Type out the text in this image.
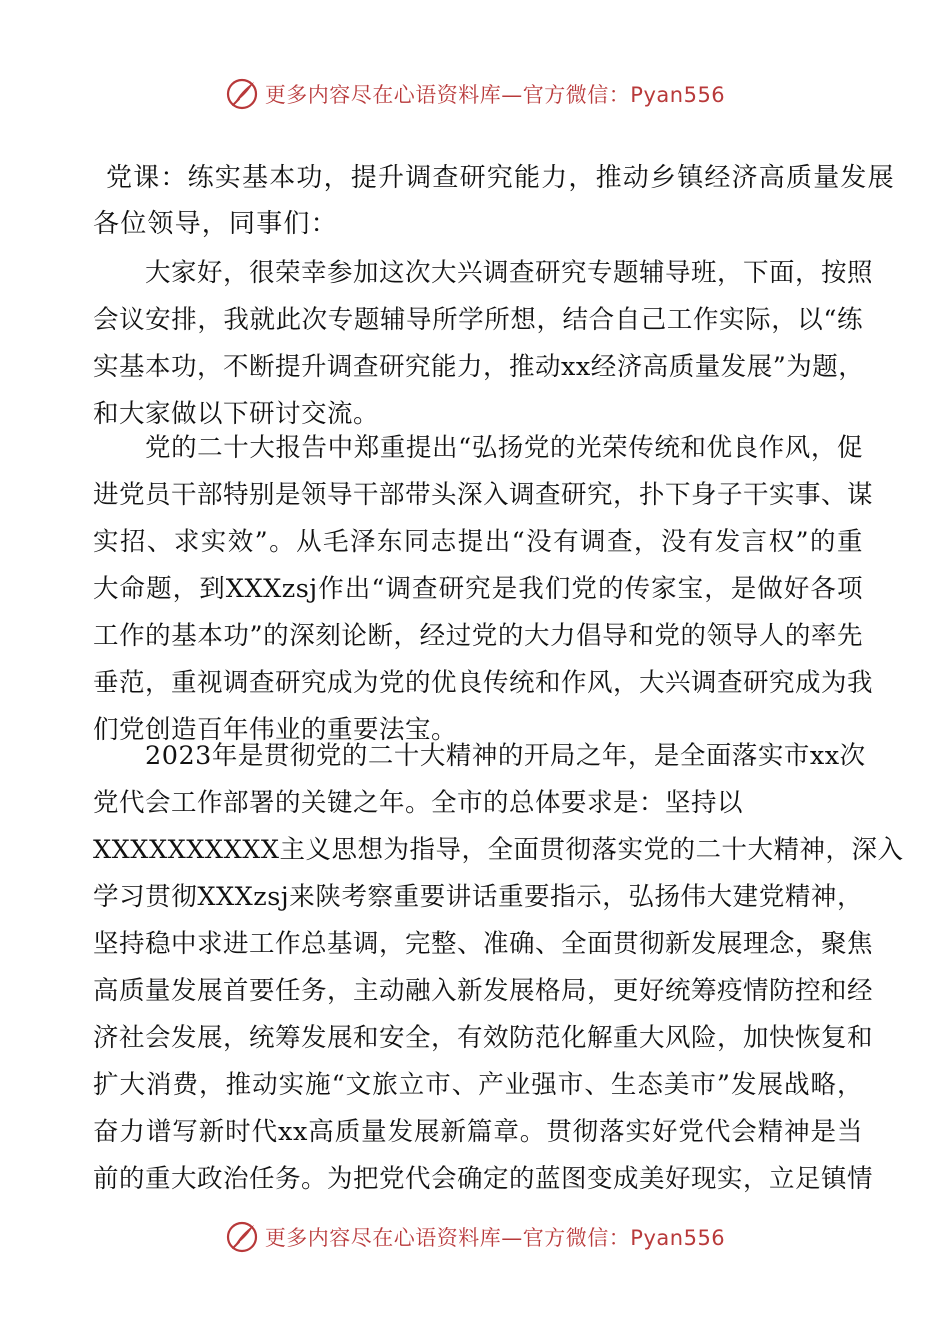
更多内容尽在心语资料库—官方微信：Pyan556
党课：练实基本功，提升调查研究能力，推动乡镇经济高质量发展
各位领导，同事们：
大家好，很荣幸参加这次大兴调查研究专题辅导班，下面，按照
会议安排，我就此次专题辅导所学所想，结合自己工作实际，以“练
实基本功，不断提升调查研究能力，推动xx经济高质量发展”为题，
和大家做以下研讨交流。
党的二十大报告中郑重提出“弘扬党的光荣传统和优良作风，促
进党员干部特别是领导干部带头深入调查研究，扑下身子干实事、谋
实招、求实效”。从毛泽东同志提出“没有调查，没有发言权”的重
大命题，到XXXzsj作出“调查研究是我们党的传家宝，是做好各项
工作的基本功”的深刻论断，经过党的大力倡导和党的领导人的率先
垂范，重视调查研究成为党的优良传统和作风，大兴调查研究成为我
们党创造百年伟业的重要法宝。
2023年是贯彻党的二十大精神的开局之年，是全面落实市xx次
党代会工作部署的关键之年。全市的总体要求是：坚持以
XXXXXXXXXX主义思想为指导，全面贯彻落实党的二十大精神，深入
学习贯彻XXXzsj来陕考察重要讲话重要指示，弘扬伟大建党精神，
坚持稳中求进工作总基调，完整、准确、全面贯彻新发展理念，聚焦
高质量发展首要任务，主动融入新发展格局，更好统筹疫情防控和经
济社会发展，统筹发展和安全，有效防范化解重大风险，加快恢复和
扩大消费，推动实施“文旅立市、产业强市、生态美市”发展战略，
奋力谱写新时代xx高质量发展新篇章。贯彻落实好党代会精神是当
前的重大政治任务。为把党代会确定的蓝图变成美好现实，立足镇情
更多内容尽在心语资料库—官方微信：Pyan556
